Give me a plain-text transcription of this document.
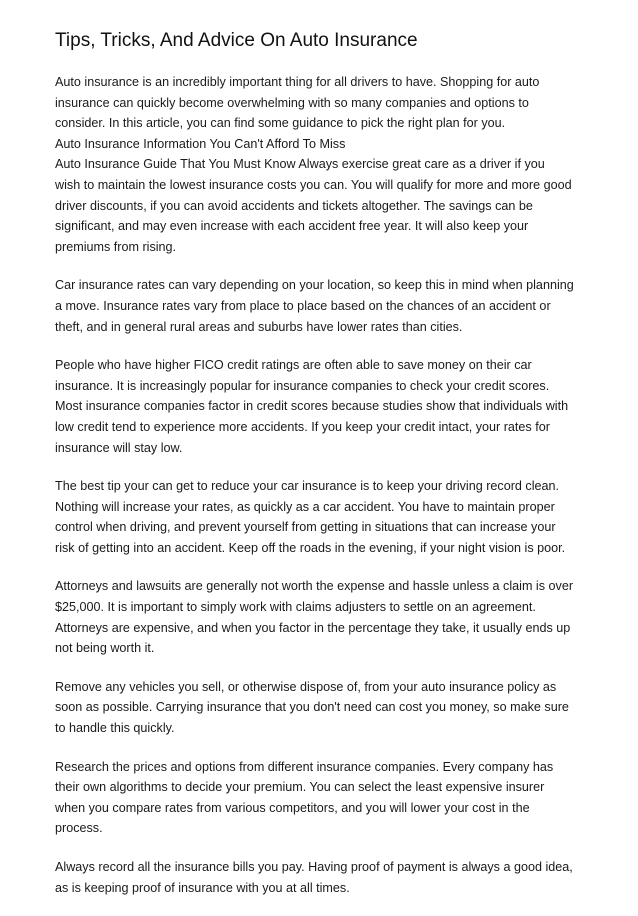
Tips, Tricks, And Advice On Auto Insurance
Auto insurance is an incredibly important thing for all drivers to have. Shopping for auto
insurance can quickly become overwhelming with so many companies and options to
consider. In this article, you can find some guidance to pick the right plan for you.
Auto Insurance Information You Can't Afford To Miss
Auto Insurance Guide That You Must Know Always exercise great care as a driver if you
wish to maintain the lowest insurance costs you can. You will qualify for more and more good
driver discounts, if you can avoid accidents and tickets altogether. The savings can be
significant, and may even increase with each accident free year. It will also keep your
premiums from rising.
Car insurance rates can vary depending on your location, so keep this in mind when planning
a move. Insurance rates vary from place to place based on the chances of an accident or
theft, and in general rural areas and suburbs have lower rates than cities.
People who have higher FICO credit ratings are often able to save money on their car
insurance. It is increasingly popular for insurance companies to check your credit scores.
Most insurance companies factor in credit scores because studies show that individuals with
low credit tend to experience more accidents. If you keep your credit intact, your rates for
insurance will stay low.
The best tip your can get to reduce your car insurance is to keep your driving record clean.
Nothing will increase your rates, as quickly as a car accident. You have to maintain proper
control when driving, and prevent yourself from getting in situations that can increase your
risk of getting into an accident. Keep off the roads in the evening, if your night vision is poor.
Attorneys and lawsuits are generally not worth the expense and hassle unless a claim is over
$25,000. It is important to simply work with claims adjusters to settle on an agreement.
Attorneys are expensive, and when you factor in the percentage they take, it usually ends up
not being worth it.
Remove any vehicles you sell, or otherwise dispose of, from your auto insurance policy as
soon as possible. Carrying insurance that you don't need can cost you money, so make sure
to handle this quickly.
Research the prices and options from different insurance companies. Every company has
their own algorithms to decide your premium. You can select the least expensive insurer
when you compare rates from various competitors, and you will lower your cost in the
process.
Always record all the insurance bills you pay. Having proof of payment is always a good idea,
as is keeping proof of insurance with you at all times.
